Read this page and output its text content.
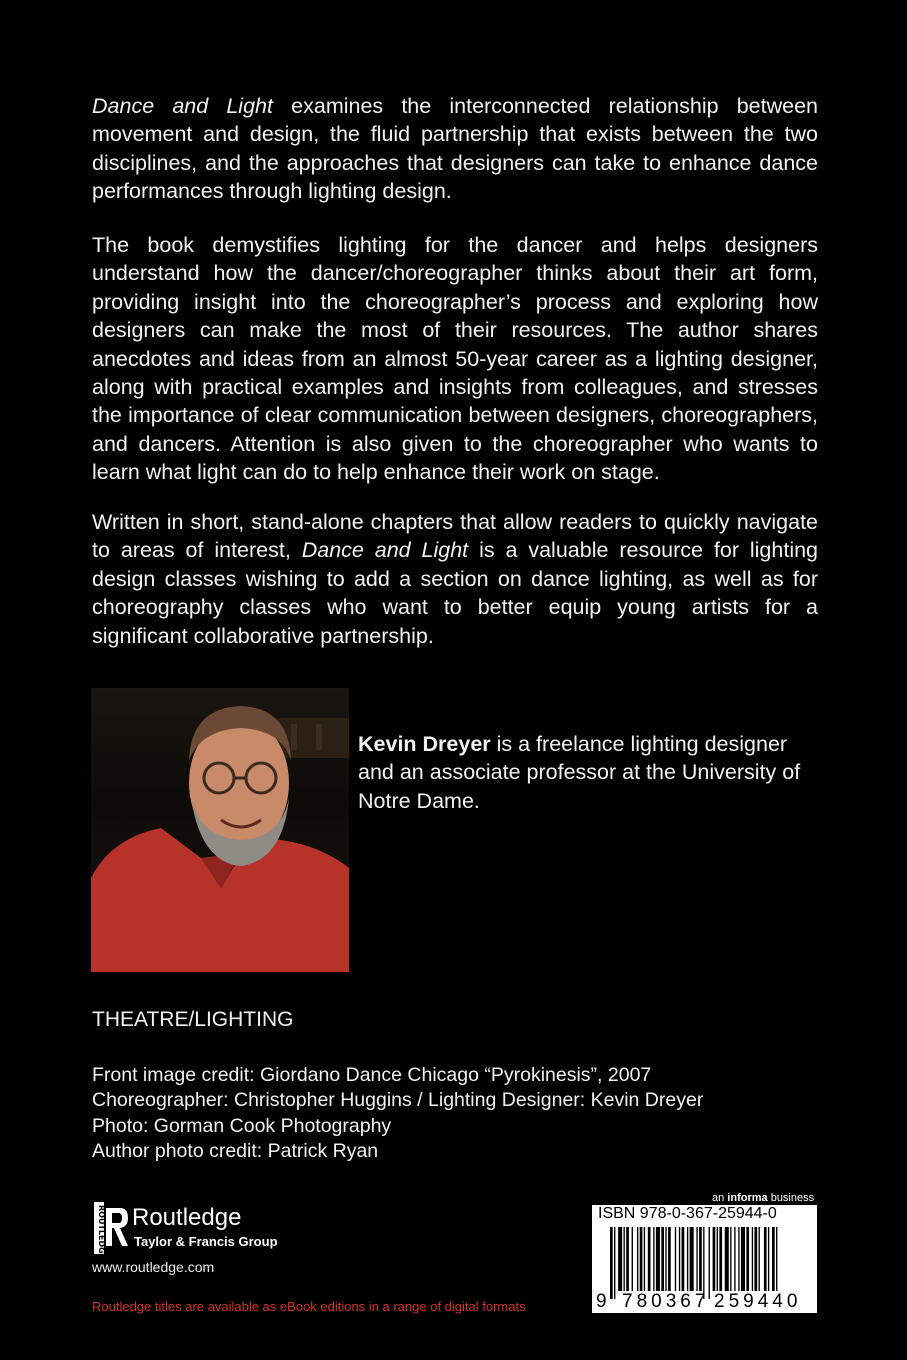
Dance and Light examines the interconnected relationship between movement and design, the fluid partnership that exists between the two disciplines, and the approaches that designers can take to enhance dance performances through lighting design.

The book demystifies lighting for the dancer and helps designers understand how the dancer/choreographer thinks about their art form, providing insight into the choreographer’s process and exploring how designers can make the most of their resources. The author shares anecdotes and ideas from an almost 50-year career as a lighting designer, along with practical examples and insights from colleagues, and stresses the importance of clear communication between designers, choreographers, and dancers. Attention is also given to the choreographer who wants to learn what light can do to help enhance their work on stage.

Written in short, stand-alone chapters that allow readers to quickly navigate to areas of interest, Dance and Light is a valuable resource for lighting design classes wishing to add a section on dance lighting, as well as for choreography classes who want to better equip young artists for a significant collaborative partnership.

Kevin Dreyer is a freelance lighting designer and an associate professor at the University of Notre Dame.

THEATRE/LIGHTING
Front image credit: Giordano Dance Chicago “Pyrokinesis”, 2007
Choreographer: Christopher Huggins / Lighting Designer: Kevin Dreyer
Photo: Gorman Cook Photography
Author photo credit: Patrick Ryan
ROUTLEDGE Routledge
Taylor & Francis Group
www.routledge.com
Routledge titles are available as eBook editions in a range of digital formats
an informa business
ISBN 978-0-367-25944-0
9 780367 259440
